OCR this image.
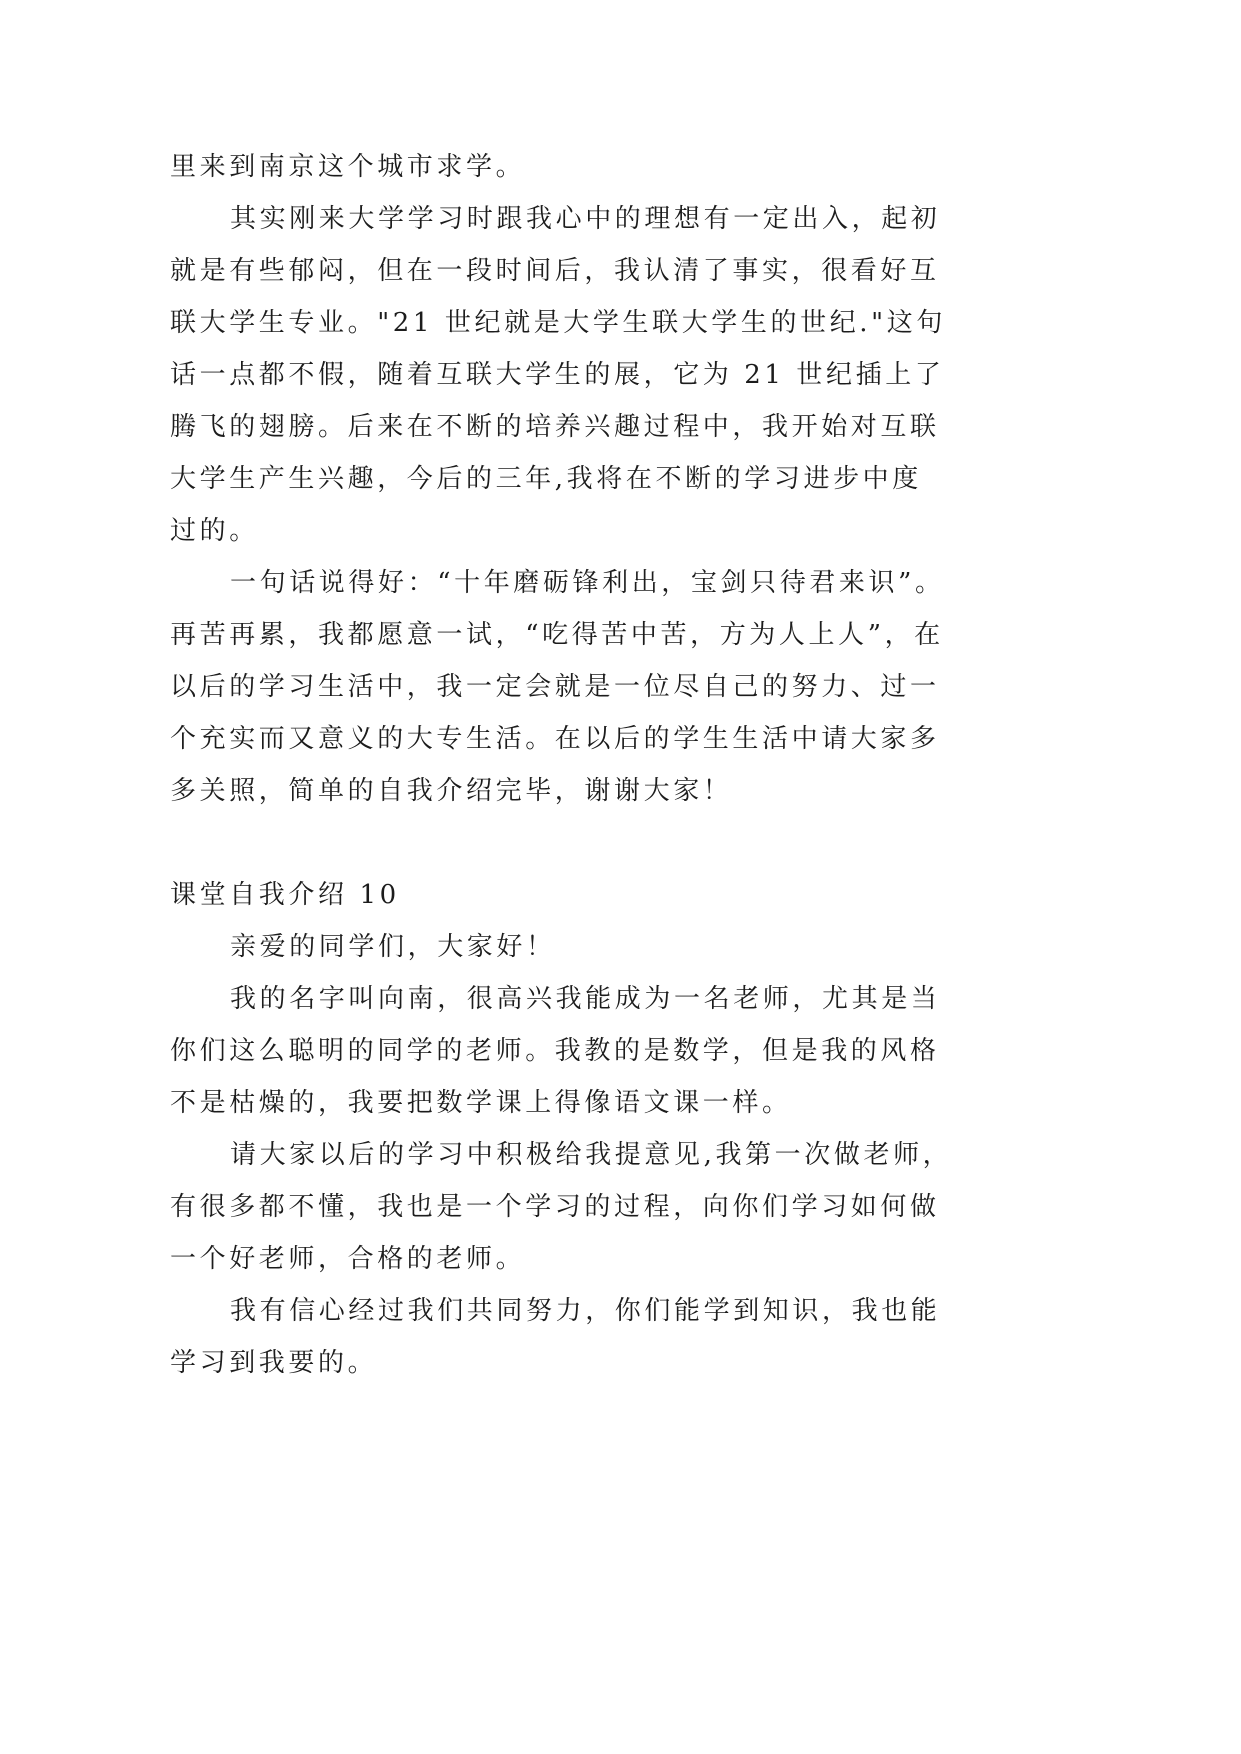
里来到南京这个城市求学。
其实刚来大学学习时跟我心中的理想有一定出入，起初
就是有些郁闷，但在一段时间后，我认清了事实，很看好互
联大学生专业。"21 世纪就是大学生联大学生的世纪."这句
话一点都不假，随着互联大学生的展，它为 21 世纪插上了
腾飞的翅膀。后来在不断的培养兴趣过程中，我开始对互联
大学生产生兴趣，今后的三年,我将在不断的学习进步中度
过的。
一句话说得好：“十年磨砺锋利出，宝剑只待君来识”。
再苦再累，我都愿意一试，“吃得苦中苦，方为人上人”，在
以后的学习生活中，我一定会就是一位尽自己的努力、过一
个充实而又意义的大专生活。在以后的学生生活中请大家多
多关照，简单的自我介绍完毕，谢谢大家！
课堂自我介绍 10
亲爱的同学们，大家好！
我的名字叫向南，很高兴我能成为一名老师，尤其是当
你们这么聪明的同学的老师。我教的是数学，但是我的风格
不是枯燥的，我要把数学课上得像语文课一样。
请大家以后的学习中积极给我提意见,我第一次做老师，
有很多都不懂，我也是一个学习的过程，向你们学习如何做
一个好老师，合格的老师。
我有信心经过我们共同努力，你们能学到知识，我也能
学习到我要的。
